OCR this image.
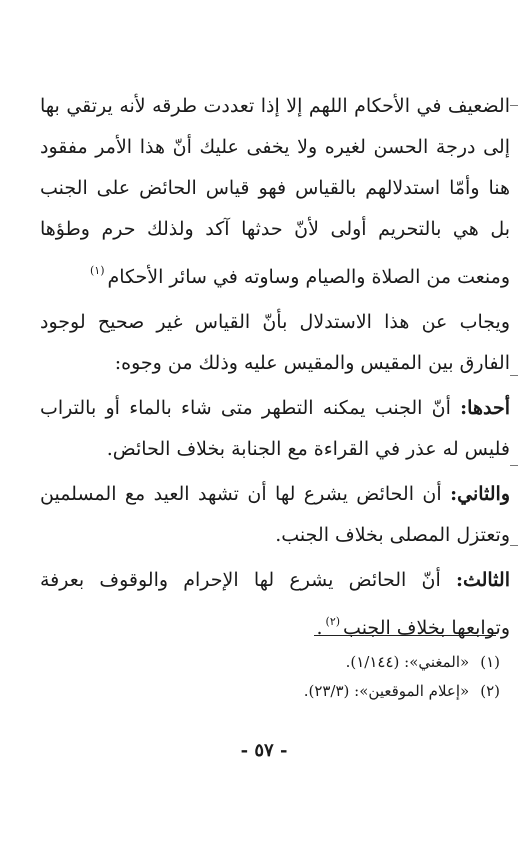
الضعيف في الأحكام اللهم إلا إذا تعددت طرقه لأنه يرتقي بها إلى درجة الحسن لغيره ولا يخفى عليك أنّ هذا الأمر مفقود هنا وأمّا استدلالهم بالقياس فهو قياس الحائض على الجنب بل هي بالتحريم أولى لأنّ حدثها آكد ولذلك حرم وطؤها ومنعت من الصلاة والصيام وساوته في سائر الأحكام$^{(١)}$

ويجاب عن هذا الاستدلال بأنّ القياس غير صحيح لوجود الفارق بين المقيس والمقيس عليه وذلك من وجوه:

أحدها: أنّ الجنب يمكنه التطهر متى شاء بالماء أو بالتراب فليس له عذر في القراءة مع الجنابة بخلاف الحائض.

والثاني: أن الحائض يشرع لها أن تشهد العيد مع المسلمين وتعتزل المصلى بخلاف الجنب.

الثالث: أنّ الحائض يشرع لها الإحرام والوقوف بعرفة وتوابعها بخلاف الجنب$^{(٢)}$.

(١) «المغني»: (١/١٤٤).
(٢) «إعلام الموقعين»: (٢٣/٣).
- ٥٧ -
